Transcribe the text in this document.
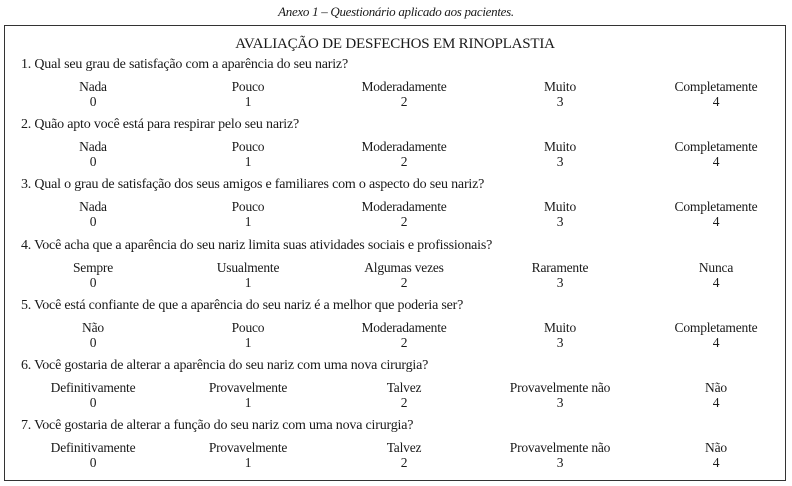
Anexo 1 – Questionário aplicado aos pacientes.
AVALIAÇÃO DE DESFECHOS EM RINOPLASTIA
1. Qual seu grau de satisfação com a aparência do seu nariz?
Nada
0
Pouco
1
Moderadamente
2
Muito
3
Completamente
4
2. Quão apto você está para respirar pelo seu nariz?
Nada
0
Pouco
1
Moderadamente
2
Muito
3
Completamente
4
3. Qual o grau de satisfação dos seus amigos e familiares com o aspecto do seu nariz?
Nada
0
Pouco
1
Moderadamente
2
Muito
3
Completamente
4
4. Você acha que a aparência do seu nariz limita suas atividades sociais e profissionais?
Sempre
0
Usualmente
1
Algumas vezes
2
Raramente
3
Nunca
4
5. Você está confiante de que a aparência do seu nariz é a melhor que poderia ser?
Não
0
Pouco
1
Moderadamente
2
Muito
3
Completamente
4
6. Você gostaria de alterar a aparência do seu nariz com uma nova cirurgia?
Definitivamente
0
Provavelmente
1
Talvez
2
Provavelmente não
3
Não
4
7. Você gostaria de alterar a função do seu nariz com uma nova cirurgia?
Definitivamente
0
Provavelmente
1
Talvez
2
Provavelmente não
3
Não
4
